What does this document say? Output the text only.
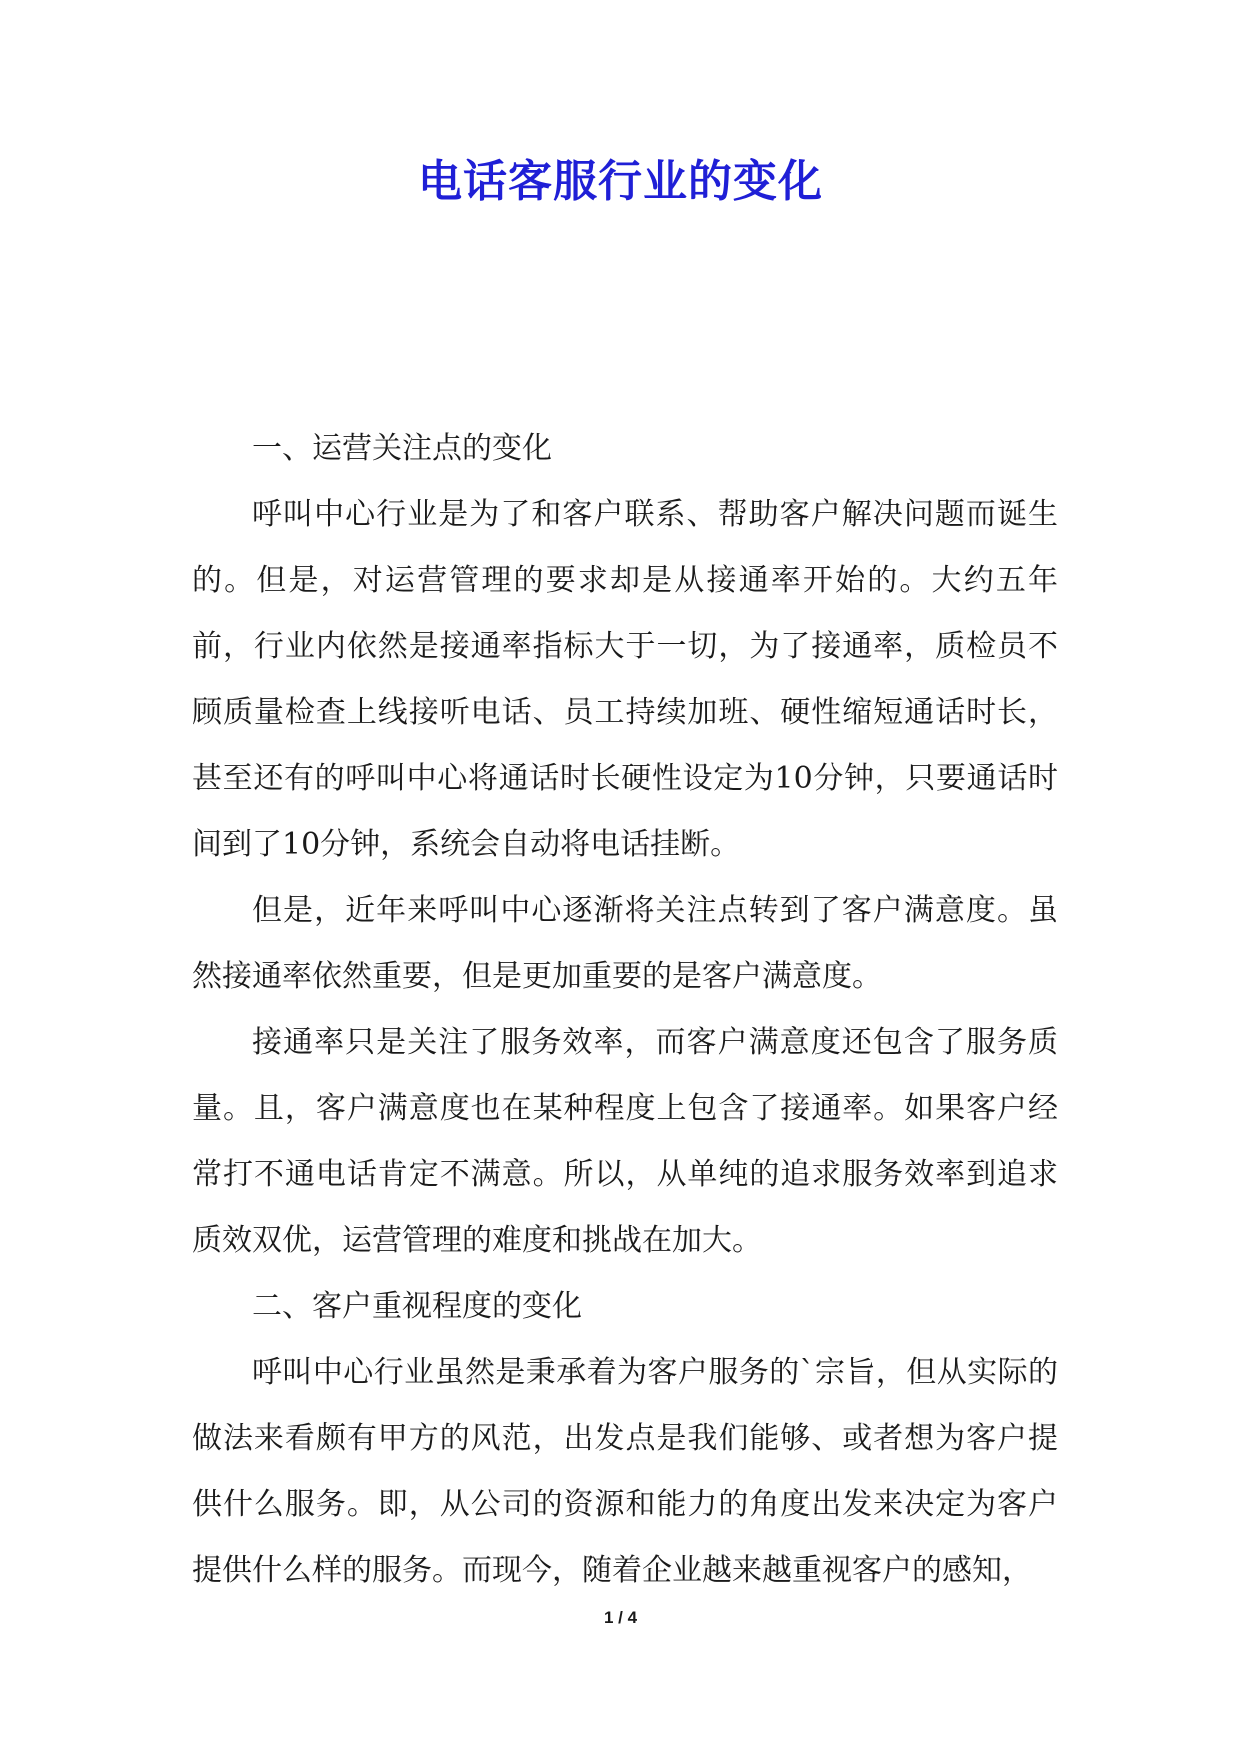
电话客服行业的变化

一、运营关注点的变化

呼叫中心行业是为了和客户联系、帮助客户解决问题而诞生的。但是，对运营管理的要求却是从接通率开始的。大约五年前，行业内依然是接通率指标大于一切，为了接通率，质检员不顾质量检查上线接听电话、员工持续加班、硬性缩短通话时长，甚至还有的呼叫中心将通话时长硬性设定为10分钟，只要通话时间到了10分钟，系统会自动将电话挂断。

但是，近年来呼叫中心逐渐将关注点转到了客户满意度。虽然接通率依然重要，但是更加重要的是客户满意度。

接通率只是关注了服务效率，而客户满意度还包含了服务质量。且，客户满意度也在某种程度上包含了接通率。如果客户经常打不通电话肯定不满意。所以，从单纯的追求服务效率到追求质效双优，运营管理的难度和挑战在加大。

二、客户重视程度的变化

呼叫中心行业虽然是秉承着为客户服务的`宗旨，但从实际的做法来看颇有甲方的风范，出发点是我们能够、或者想为客户提供什么服务。即，从公司的资源和能力的角度出发来决定为客户提供什么样的服务。而现今，随着企业越来越重视客户的感知，

1 / 4
